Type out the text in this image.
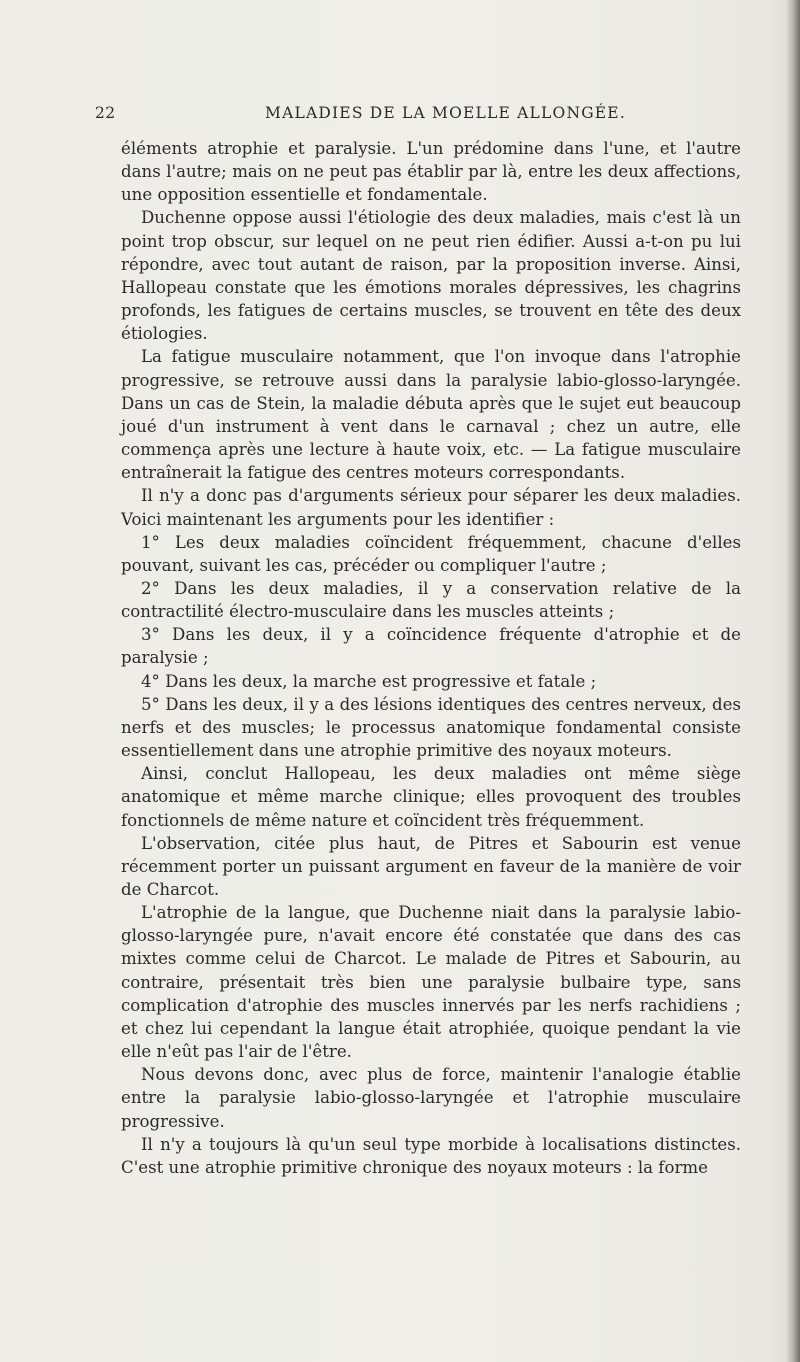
22	MALADIES DE LA MOELLE ALLONGÉE.

éléments atrophie et paralysie. L'un prédomine dans l'une, et l'autre dans l'autre; mais on ne peut pas établir par là, entre les deux affections, une opposition essentielle et fondamentale.

Duchenne oppose aussi l'étiologie des deux maladies, mais c'est là un point trop obscur, sur lequel on ne peut rien édifier. Aussi a-t-on pu lui répondre, avec tout autant de raison, par la proposition inverse. Ainsi, Hallopeau constate que les émotions morales dépressives, les chagrins profonds, les fatigues de certains muscles, se trouvent en tête des deux étiologies.

La fatigue musculaire notamment, que l'on invoque dans l'atrophie progressive, se retrouve aussi dans la paralysie labio-glosso-laryngée. Dans un cas de Stein, la maladie débuta après que le sujet eut beaucoup joué d'un instrument à vent dans le carnaval ; chez un autre, elle commença après une lecture à haute voix, etc. — La fatigue musculaire entraînerait la fatigue des centres moteurs correspondants.

Il n'y a donc pas d'arguments sérieux pour séparer les deux maladies. Voici maintenant les arguments pour les identifier :

1° Les deux maladies coïncident fréquemment, chacune d'elles pouvant, suivant les cas, précéder ou compliquer l'autre ;

2° Dans les deux maladies, il y a conservation relative de la contractilité électro-musculaire dans les muscles atteints ;

3° Dans les deux, il y a coïncidence fréquente d'atrophie et de paralysie ;

4° Dans les deux, la marche est progressive et fatale ;

5° Dans les deux, il y a des lésions identiques des centres nerveux, des nerfs et des muscles; le processus anatomique fondamental consiste essentiellement dans une atrophie primitive des noyaux moteurs.

Ainsi, conclut Hallopeau, les deux maladies ont même siège anatomique et même marche clinique; elles provoquent des troubles fonctionnels de même nature et coïncident très fréquemment.

L'observation, citée plus haut, de Pitres et Sabourin est venue récemment porter un puissant argument en faveur de la manière de voir de Charcot.

L'atrophie de la langue, que Duchenne niait dans la paralysie labio-glosso-laryngée pure, n'avait encore été constatée que dans des cas mixtes comme celui de Charcot. Le malade de Pitres et Sabourin, au contraire, présentait très bien une paralysie bulbaire type, sans complication d'atrophie des muscles innervés par les nerfs rachidiens ; et chez lui cependant la langue était atrophiée, quoique pendant la vie elle n'eût pas l'air de l'être.

Nous devons donc, avec plus de force, maintenir l'analogie établie entre la paralysie labio-glosso-laryngée et l'atrophie musculaire progressive.

Il n'y a toujours là qu'un seul type morbide à localisations distinctes. C'est une atrophie primitive chronique des noyaux moteurs : la forme
